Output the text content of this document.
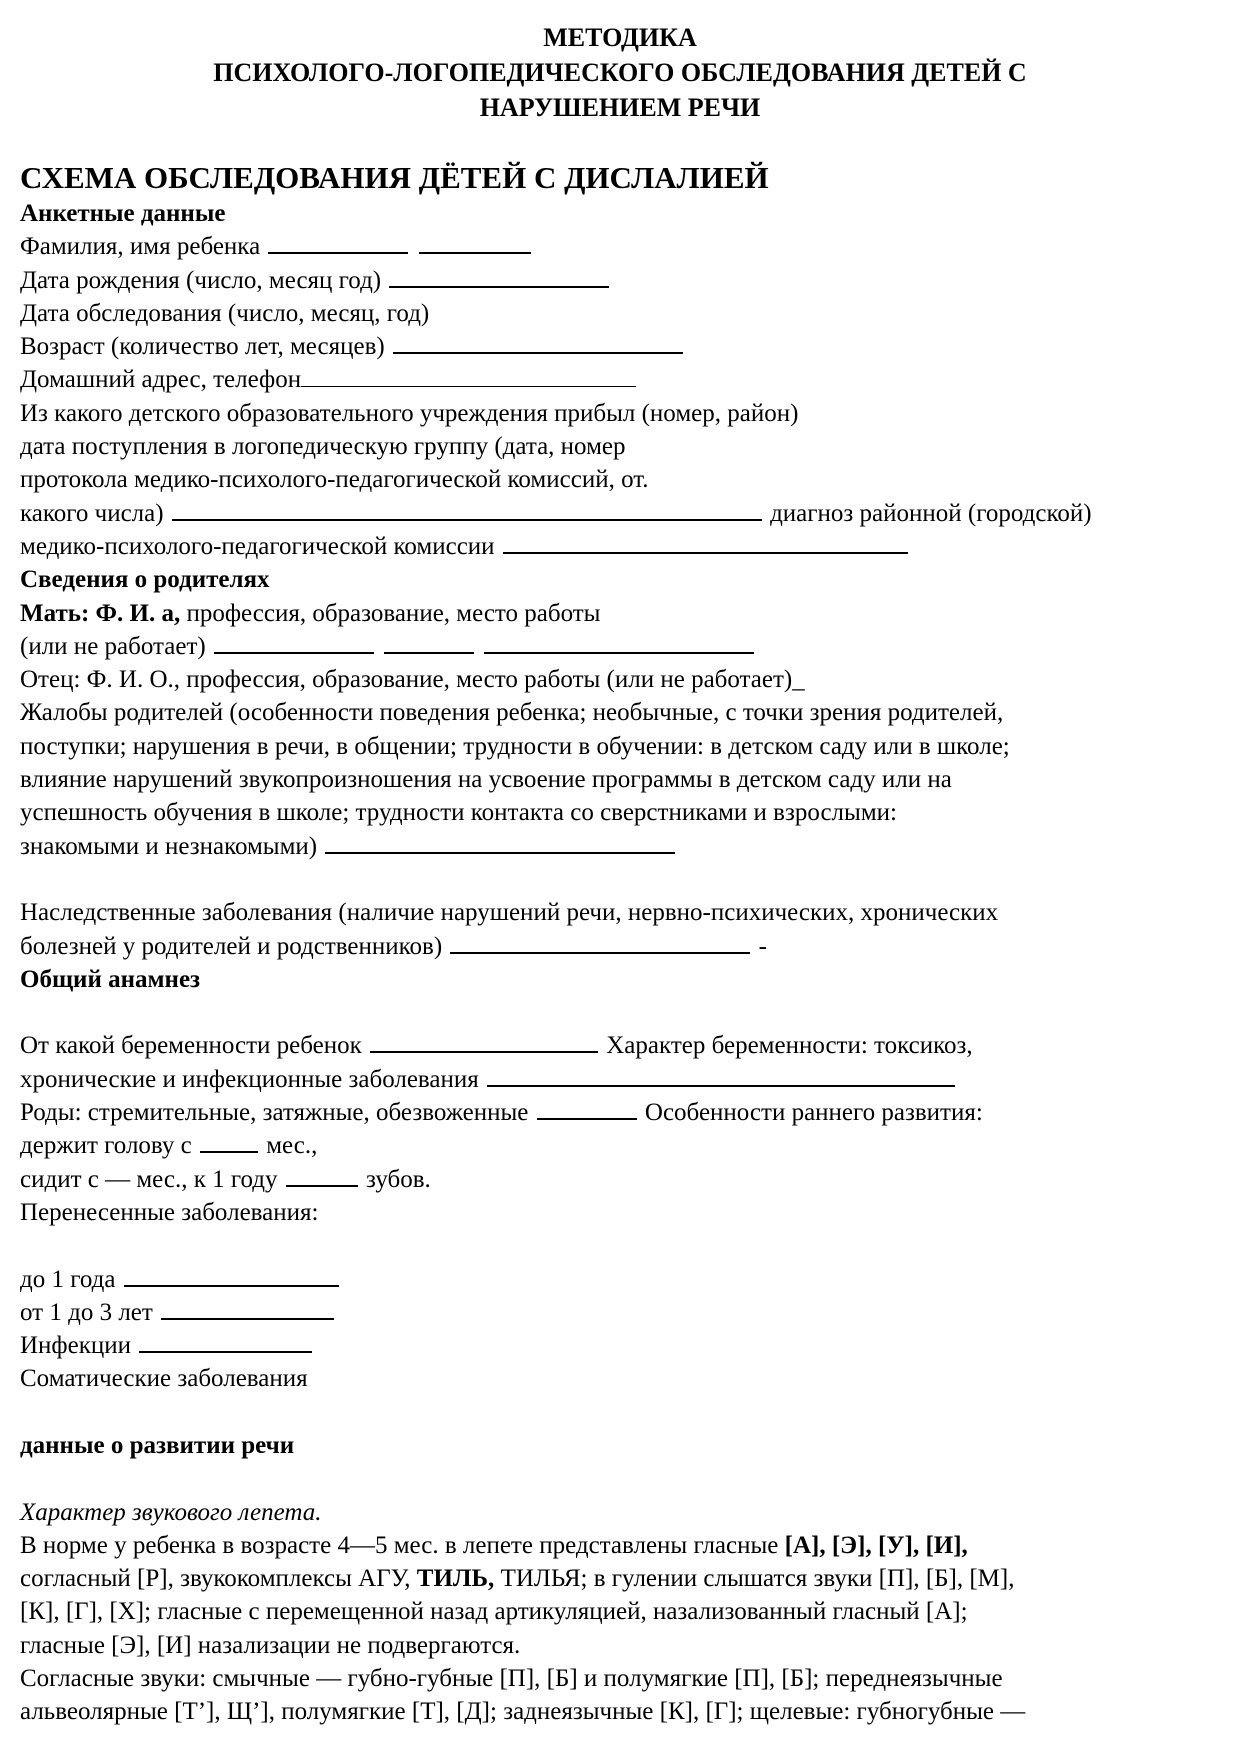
МЕТОДИКА
ПСИХОЛОГО-ЛОГОПЕДИЧЕСКОГО ОБСЛЕДОВАНИЯ ДЕТЕЙ С
НАРУШЕНИЕМ РЕЧИ
СХЕМА ОБСЛЕДОВАНИЯ ДЁТЕЙ С ДИСЛАЛИЕЙ
Анкетные данные
Фамилия, имя ребенка
Дата рождения (число, месяц год)
Дата обследования (число, месяц, год)
Возраст (количество лет, месяцев)
Домашний адрес, телефон
Из какого детского образовательного учреждения прибыл (номер, район)
дата поступления в логопедическую группу (дата, номер
протокола медико-психолого-педагогической комиссий, от.
какого числа)	диагноз районной (городской)
медико-психолого-педагогической комиссии
Сведения о родителях
Мать: Ф. И. а, профессия, образование, место работы
(или не работает)
Отец: Ф. И. О., профессия, образование, место работы (или не работает)_
Жалобы родителей (особенности поведения ребенка; необычные, с точки зрения родителей,
поступки; нарушения в речи, в общении; трудности в обучении: в детском саду или в школе;
влияние нарушений звукопроизношения на усвоение программы в детском саду или на
успешность обучения в школе; трудности контакта со сверстниками и взрослыми:
знакомыми и незнакомыми)
Наследственные заболевания (наличие нарушений речи, нервно-психических, хронических
болезней у родителей и родственников)	-
Общий анамнез
От какой беременности ребенок	Характер беременности: токсикоз,
хронические и инфекционные заболевания
Роды: стремительные, затяжные, обезвоженные	Особенности раннего развития:
держит голову с	мес.,
сидит с — мес., к 1 году	зубов.
Перенесенные заболевания:
до 1 года
от 1 до 3 лет
Инфекции
Соматические заболевания
данные о развитии речи
Характер звукового лепета.
В норме у ребенка в возрасте 4—5 мес. в лепете представлены гласные [А], [Э], [У], [И],
согласный [Р], звукокомплексы АГУ, ТИЛЬ, ТИЛЬЯ; в гулении слышатся звуки [П], [Б], [М],
[К], [Г], [Х]; гласные с перемещенной назад артикуляцией, назализованный гласный [А];
гласные [Э], [И] назализации не подвергаются.
Согласные звуки: смычные — губно-губные [П], [Б] и полумягкие [П], [Б]; переднеязычные
альвеолярные [Т’], Щ’], полумягкие [Т], [Д]; заднеязычные [К], [Г]; щелевые: губногубные —
